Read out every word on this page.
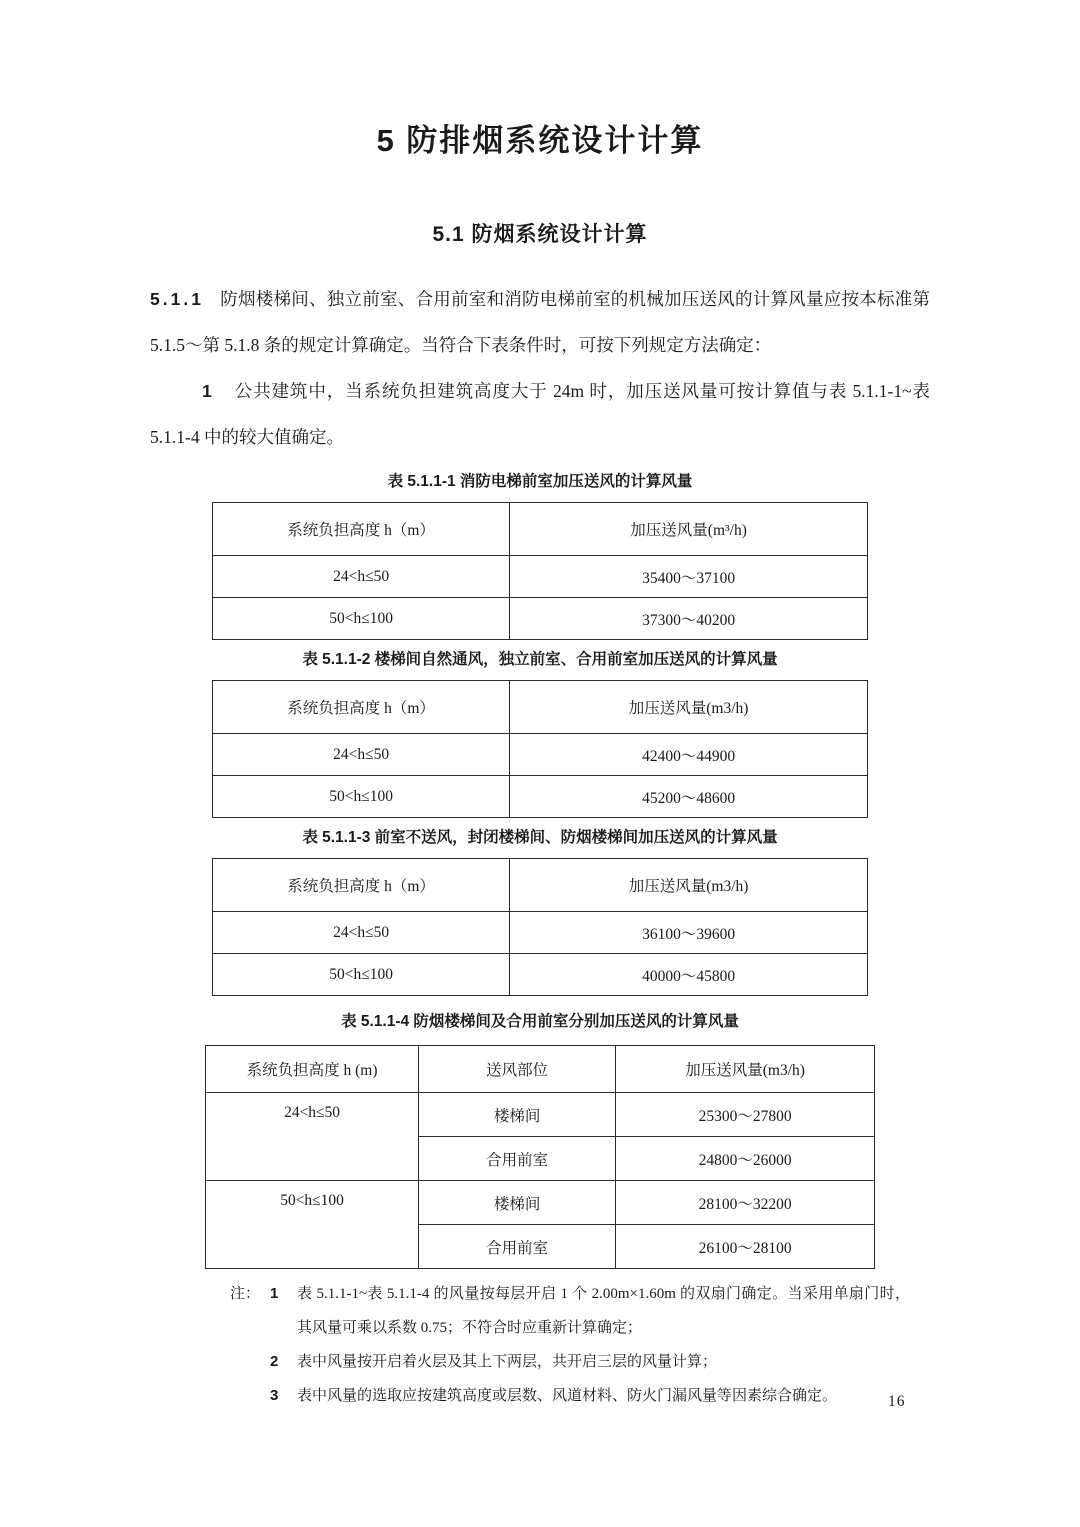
5 防排烟系统设计计算
5.1 防烟系统设计计算

5.1.1 防烟楼梯间、独立前室、合用前室和消防电梯前室的机械加压送风的计算风量应按本标准第 5.1.5～第 5.1.8 条的规定计算确定。当符合下表条件时，可按下列规定方法确定：

1 公共建筑中，当系统负担建筑高度大于 24m 时，加压送风量可按计算值与表 5.1.1-1~表 5.1.1-4 中的较大值确定。

表 5.1.1-1 消防电梯前室加压送风的计算风量
系统负担高度 h（m）	加压送风量(m³/h)
24<h≤50	35400～37100
50<h≤100	37300～40200
表 5.1.1-2 楼梯间自然通风，独立前室、合用前室加压送风的计算风量
系统负担高度 h（m）	加压送风量(m3/h)
24<h≤50	42400～44900
50<h≤100	45200～48600
表 5.1.1-3 前室不送风，封闭楼梯间、防烟楼梯间加压送风的计算风量
系统负担高度 h（m）	加压送风量(m3/h)
24<h≤50	36100～39600
50<h≤100	40000～45800
表 5.1.1-4 防烟楼梯间及合用前室分别加压送风的计算风量
系统负担高度 h (m)	送风部位	加压送风量(m3/h)
24<h≤50	楼梯间	25300～27800
	合用前室	24800～26000
50<h≤100	楼梯间	28100～32200
	合用前室	26100～28100
注： 1	表 5.1.1-1~表 5.1.1-4 的风量按每层开启 1 个 2.00m×1.60m 的双扇门确定。当采用单扇门时，其风量可乘以系数 0.75；不符合时应重新计算确定；
2	表中风量按开启着火层及其上下两层，共开启三层的风量计算；
3	表中风量的选取应按建筑高度或层数、风道材料、防火门漏风量等因素综合确定。	16
